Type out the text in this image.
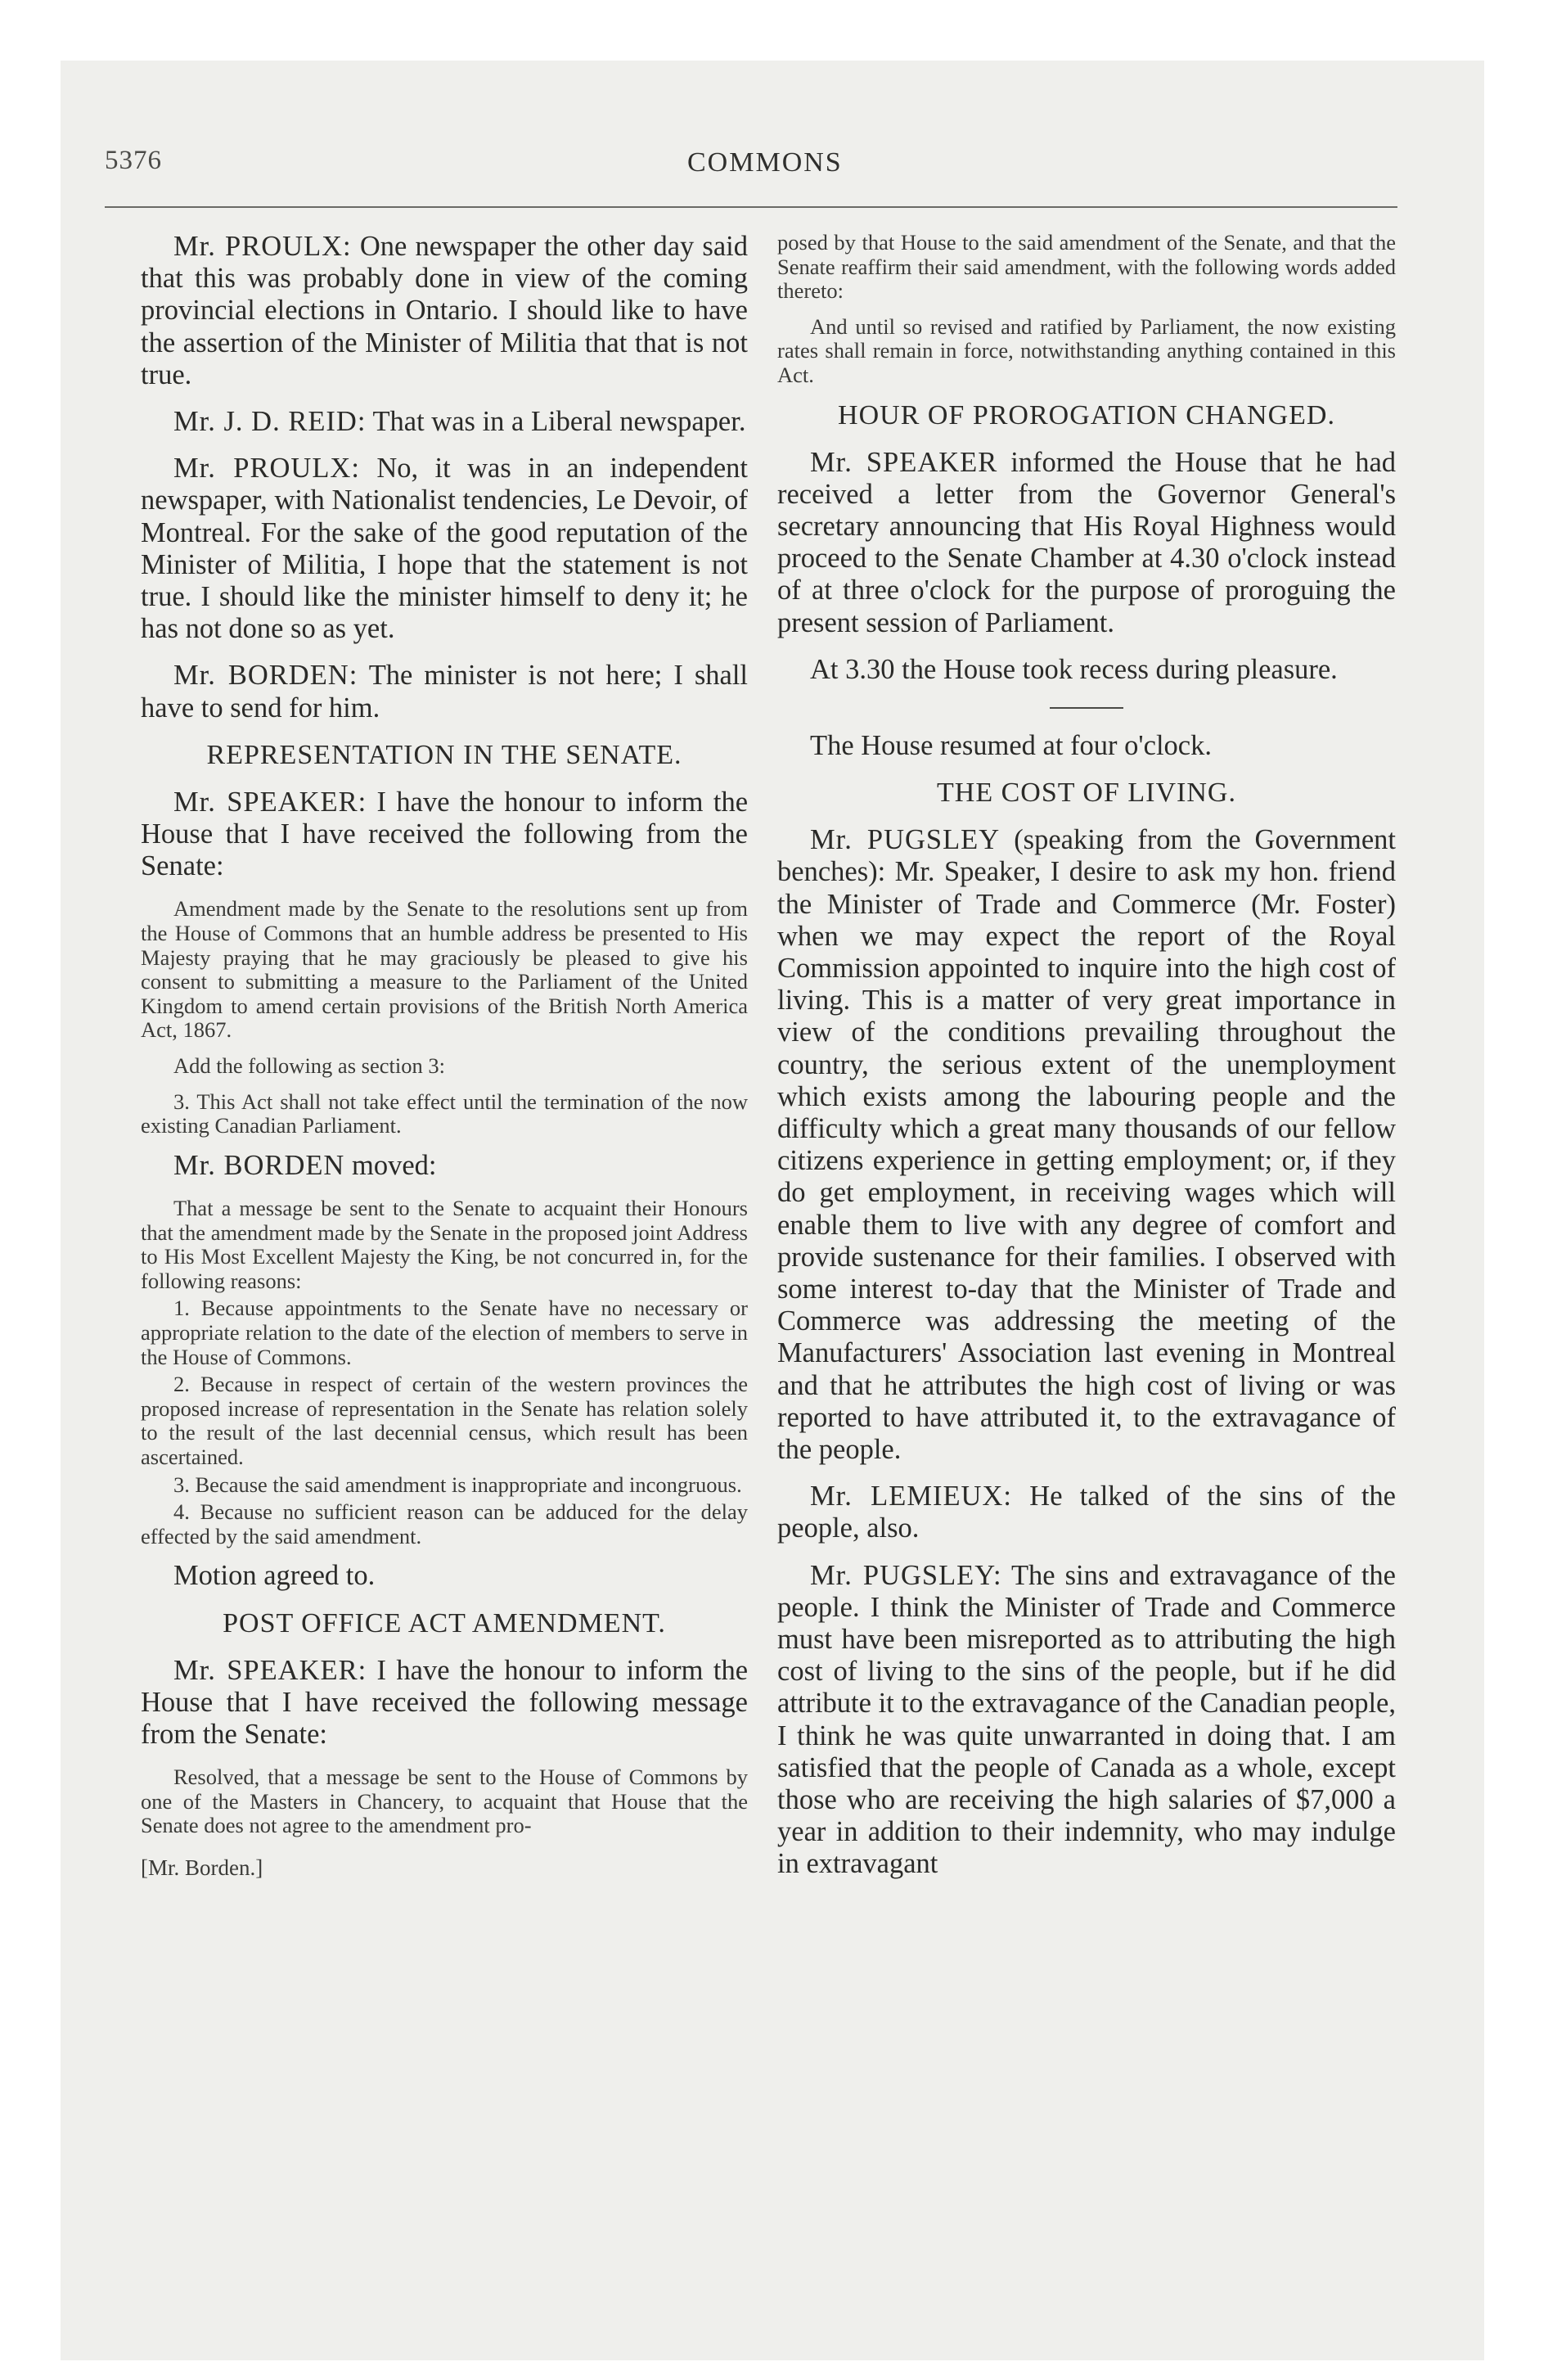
5376	COMMONS

Mr. PROULX: One newspaper the other day said that this was probably done in view of the coming provincial elections in Ontario. I should like to have the assertion of the Minister of Militia that that is not true.

Mr. J. D. REID: That was in a Liberal newspaper.

Mr. PROULX: No, it was in an independent newspaper, with Nationalist tendencies, Le Devoir, of Montreal. For the sake of the good reputation of the Minister of Militia, I hope that the statement is not true. I should like the minister himself to deny it; he has not done so as yet.

Mr. BORDEN: The minister is not here; I shall have to send for him.

REPRESENTATION IN THE SENATE.

Mr. SPEAKER: I have the honour to inform the House that I have received the following from the Senate:

Amendment made by the Senate to the resolutions sent up from the House of Commons that an humble address be presented to His Majesty praying that he may graciously be pleased to give his consent to submitting a measure to the Parliament of the United Kingdom to amend certain provisions of the British North America Act, 1867.

Add the following as section 3:

3. This Act shall not take effect until the termination of the now existing Canadian Parliament.

Mr. BORDEN moved:

That a message be sent to the Senate to acquaint their Honours that the amendment made by the Senate in the proposed joint Address to His Most Excellent Majesty the King, be not concurred in, for the following reasons:

1. Because appointments to the Senate have no necessary or appropriate relation to the date of the election of members to serve in the House of Commons.

2. Because in respect of certain of the western provinces the proposed increase of representation in the Senate has relation solely to the result of the last decennial census, which result has been ascertained.

3. Because the said amendment is inappropriate and incongruous.

4. Because no sufficient reason can be adduced for the delay effected by the said amendment.

Motion agreed to.

POST OFFICE ACT AMENDMENT.

Mr. SPEAKER: I have the honour to inform the House that I have received the following message from the Senate:

Resolved, that a message be sent to the House of Commons by one of the Masters in Chancery, to acquaint that House that the Senate does not agree to the amendment pro-

[Mr. Borden.]

posed by that House to the said amendment of the Senate, and that the Senate reaffirm their said amendment, with the following words added thereto:

And until so revised and ratified by Parliament, the now existing rates shall remain in force, notwithstanding anything contained in this Act.

HOUR OF PROROGATION CHANGED.

Mr. SPEAKER informed the House that he had received a letter from the Governor General's secretary announcing that His Royal Highness would proceed to the Senate Chamber at 4.30 o'clock instead of at three o'clock for the purpose of proroguing the present session of Parliament.

At 3.30 the House took recess during pleasure.

The House resumed at four o'clock.

THE COST OF LIVING.

Mr. PUGSLEY (speaking from the Government benches): Mr. Speaker, I desire to ask my hon. friend the Minister of Trade and Commerce (Mr. Foster) when we may expect the report of the Royal Commission appointed to inquire into the high cost of living. This is a matter of very great importance in view of the conditions prevailing throughout the country, the serious extent of the unemployment which exists among the labouring people and the difficulty which a great many thousands of our fellow citizens experience in getting employment; or, if they do get employment, in receiving wages which will enable them to live with any degree of comfort and provide sustenance for their families. I observed with some interest to-day that the Minister of Trade and Commerce was addressing the meeting of the Manufacturers' Association last evening in Montreal and that he attributes the high cost of living or was reported to have attributed it, to the extravagance of the people.

Mr. LEMIEUX: He talked of the sins of the people, also.

Mr. PUGSLEY: The sins and extravagance of the people. I think the Minister of Trade and Commerce must have been misreported as to attributing the high cost of living to the sins of the people, but if he did attribute it to the extravagance of the Canadian people, I think he was quite unwarranted in doing that. I am satisfied that the people of Canada as a whole, except those who are receiving the high salaries of $7,000 a year in addition to their indemnity, who may indulge in extravagant
